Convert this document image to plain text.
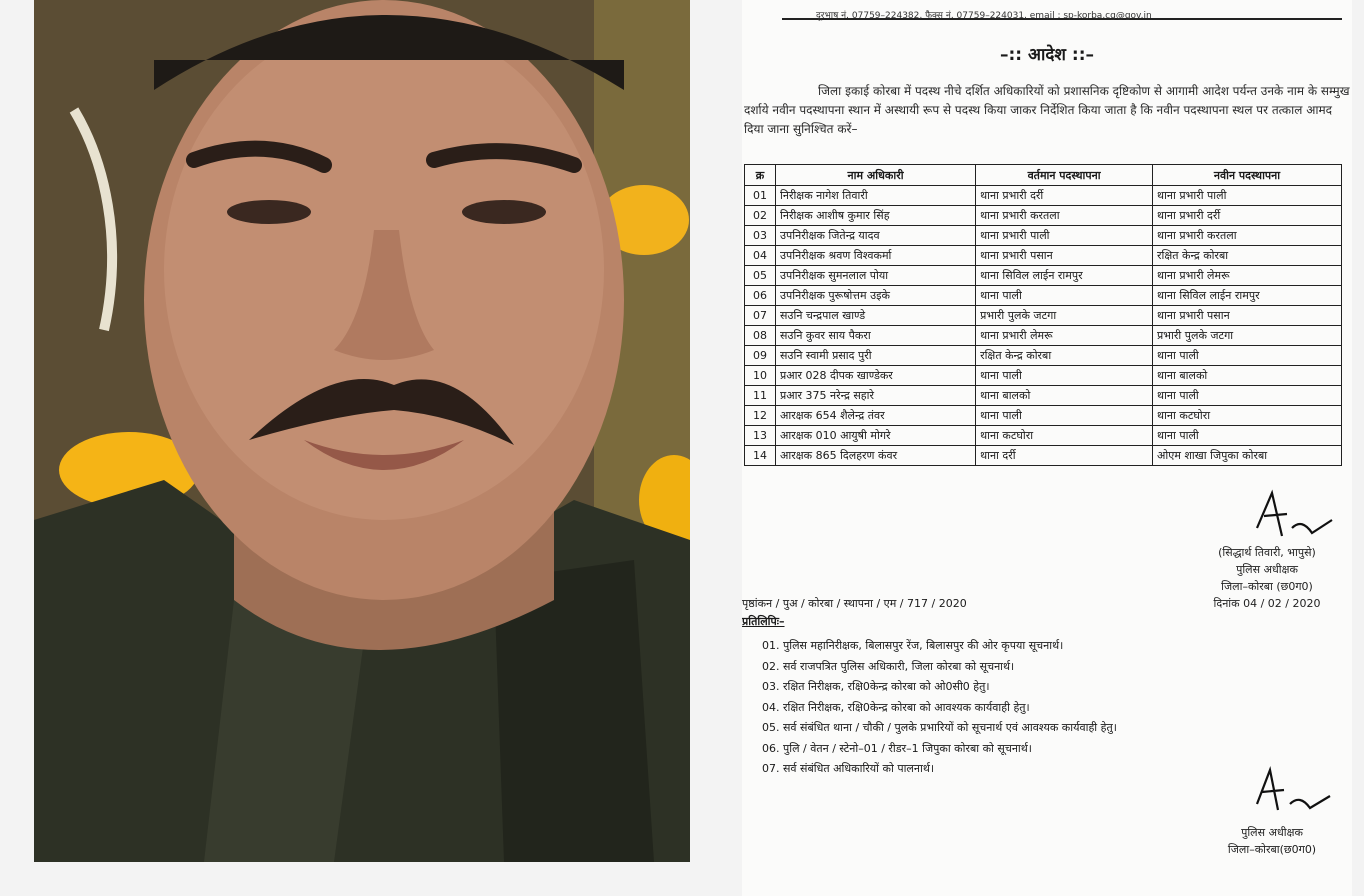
दूरभाष नं. 07759–224382, फैक्स नं. 07759–224031, email : sp-korba.cg@gov.in
–:: आदेश ::–
जिला इकाई कोरबा में पदस्थ नीचे दर्शित अधिकारियों को प्रशासनिक दृष्टिकोण से आगामी आदेश पर्यन्त उनके नाम के सम्मुख दर्शाये नवीन पदस्थापना स्थान में अस्थायी रूप से पदस्थ किया जाकर निर्देशित किया जाता है कि नवीन पदस्थापना स्थल पर तत्काल आमद दिया जाना सुनिश्चित करें–
क्र	नाम अधिकारी	वर्तमान पदस्थापना	नवीन पदस्थापना
01	निरीक्षक नागेश तिवारी	थाना प्रभारी दर्री	थाना प्रभारी पाली
02	निरीक्षक आशीष कुमार सिंह	थाना प्रभारी करतला	थाना प्रभारी दर्री
03	उपनिरीक्षक जितेन्द्र यादव	थाना प्रभारी पाली	थाना प्रभारी करतला
04	उपनिरीक्षक श्रवण विश्वकर्मा	थाना प्रभारी पसान	रक्षित केन्द्र कोरबा
05	उपनिरीक्षक सुमनलाल पोया	थाना सिविल लाईन रामपुर	थाना प्रभारी लेमरू
06	उपनिरीक्षक पुरूषोत्तम उइके	थाना पाली	थाना सिविल लाईन रामपुर
07	सउनि चन्द्रपाल खाण्डे	प्रभारी पुलके जटगा	थाना प्रभारी पसान
08	सउनि कुवर साय पैकरा	थाना प्रभारी लेमरू	प्रभारी पुलके जटगा
09	सउनि स्वामी प्रसाद पुरी	रक्षित केन्द्र कोरबा	थाना पाली
10	प्रआर 028 दीपक खाण्डेकर	थाना पाली	थाना बालको
11	प्रआर 375 नरेन्द्र सहारे	थाना बालको	थाना पाली
12	आरक्षक 654 शैलेन्द्र तंवर	थाना पाली	थाना कटघोरा
13	आरक्षक 010 आयुषी मोगरे	थाना कटघोरा	थाना पाली
14	आरक्षक 865 दिलहरण कंवर	थाना दर्री	ओएम शाखा जिपुका कोरबा
(सिद्धार्थ तिवारी, भापुसे)
पुलिस अधीक्षक
जिला–कोरबा (छ0ग0)
दिनांक 04 / 02 / 2020
पृष्ठांकन / पुअ / कोरबा / स्थापना / एम / 717 / 2020
प्रतिलिपिः–
01. पुलिस महानिरीक्षक, बिलासपुर रेंज, बिलासपुर की ओर कृपया सूचनार्थ।
02. सर्व राजपत्रित पुलिस अधिकारी, जिला कोरबा को सूचनार्थ।
03. रक्षित निरीक्षक, रक्षि0केन्द्र कोरबा को ओ0सी0 हेतु।
04. रक्षित निरीक्षक, रक्षि0केन्द्र कोरबा को आवश्यक कार्यवाही हेतु।
05. सर्व संबंधित थाना / चौकी / पुलके प्रभारियों को सूचनार्थ एवं आवश्यक कार्यवाही हेतु।
06. पुलि / वेतन / स्टेनो–01 / रीडर–1 जिपुका कोरबा को सूचनार्थ।
07. सर्व संबंधित अधिकारियों को पालनार्थ।
पुलिस अधीक्षक
जिला–कोरबा(छ0ग0)
